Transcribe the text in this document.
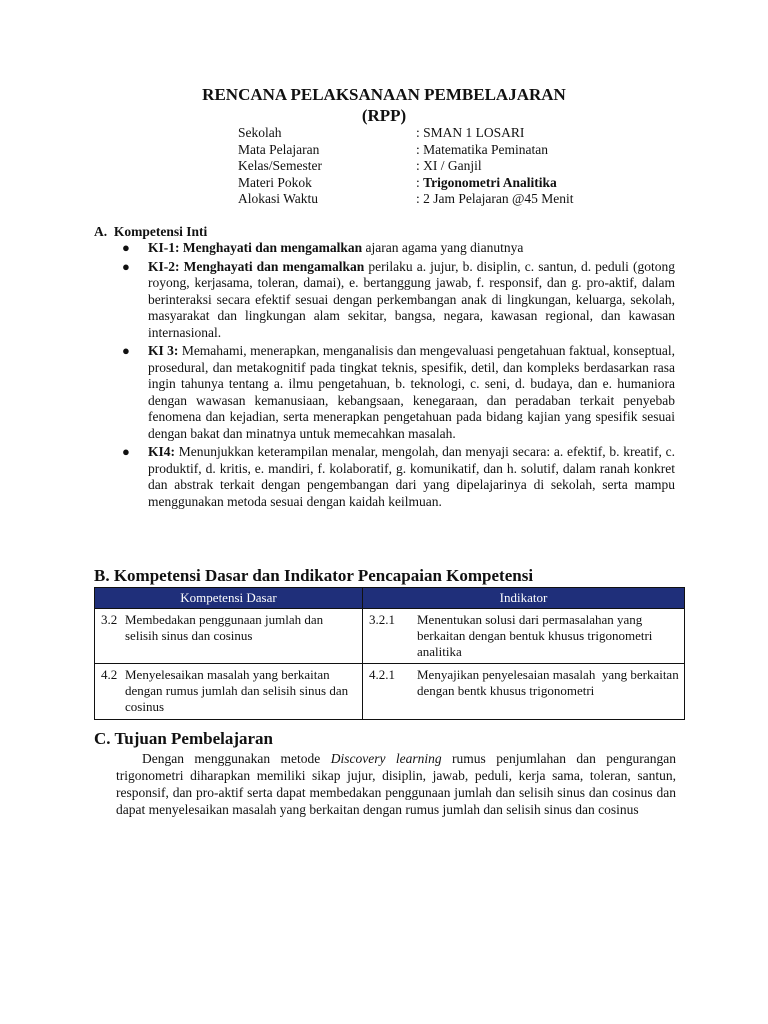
RENCANA PELAKSANAAN PEMBELAJARAN
(RPP)
Sekolah	: SMAN 1 LOSARI
Mata Pelajaran	: Matematika Peminatan
Kelas/Semester	: XI / Ganjil
Materi Pokok	: Trigonometri Analitika
Alokasi Waktu	: 2 Jam Pelajaran @45 Menit
A.  Kompetensi Inti
● KI-1: Menghayati dan mengamalkan ajaran agama yang dianutnya
● KI-2: Menghayati dan mengamalkan perilaku a. jujur, b. disiplin, c. santun, d. peduli (gotong royong, kerjasama, toleran, damai), e. bertanggung jawab, f. responsif, dan g. pro-aktif, dalam berinteraksi secara efektif sesuai dengan perkembangan anak di lingkungan, keluarga, sekolah, masyarakat dan lingkungan alam sekitar, bangsa, negara, kawasan regional, dan kawasan internasional.
● KI 3: Memahami, menerapkan, menganalisis dan mengevaluasi pengetahuan faktual, konseptual, prosedural, dan metakognitif pada tingkat teknis, spesifik, detil, dan kompleks berdasarkan rasa ingin tahunya tentang a. ilmu pengetahuan, b. teknologi, c. seni, d. budaya, dan e. humaniora dengan wawasan kemanusiaan, kebangsaan, kenegaraan, dan peradaban terkait penyebab fenomena dan kejadian, serta menerapkan pengetahuan pada bidang kajian yang spesifik sesuai dengan bakat dan minatnya untuk memecahkan masalah.
● KI4: Menunjukkan keterampilan menalar, mengolah, dan menyaji secara: a. efektif, b. kreatif, c. produktif, d. kritis, e. mandiri, f. kolaboratif, g. komunikatif, dan h. solutif, dalam ranah konkret dan abstrak terkait dengan pengembangan dari yang dipelajarinya di sekolah, serta mampu menggunakan metoda sesuai dengan kaidah keilmuan.
B. Kompetensi Dasar dan Indikator Pencapaian Kompetensi
Kompetensi Dasar	Indikator

3.2 Membedakan penggunaan jumlah dan selisih sinus dan cosinus	3.2.1 Menentukan solusi dari permasalahan yang berkaitan dengan bentuk khusus trigonometri analitika

4.2 Menyelesaikan masalah yang berkaitan dengan rumus jumlah dan selisih sinus dan cosinus	4.2.1 Menyajikan penyelesaian masalah  yang berkaitan dengan bentk khusus trigonometri
C. Tujuan Pembelajaran
Dengan menggunakan metode Discovery learning rumus penjumlahan dan pengurangan trigonometri diharapkan memiliki sikap jujur, disiplin, jawab, peduli, kerja sama, toleran, santun, responsif, dan pro-aktif serta dapat membedakan penggunaan jumlah dan selisih sinus dan cosinus dan dapat menyelesaikan masalah yang berkaitan dengan rumus jumlah dan selisih sinus dan cosinus
